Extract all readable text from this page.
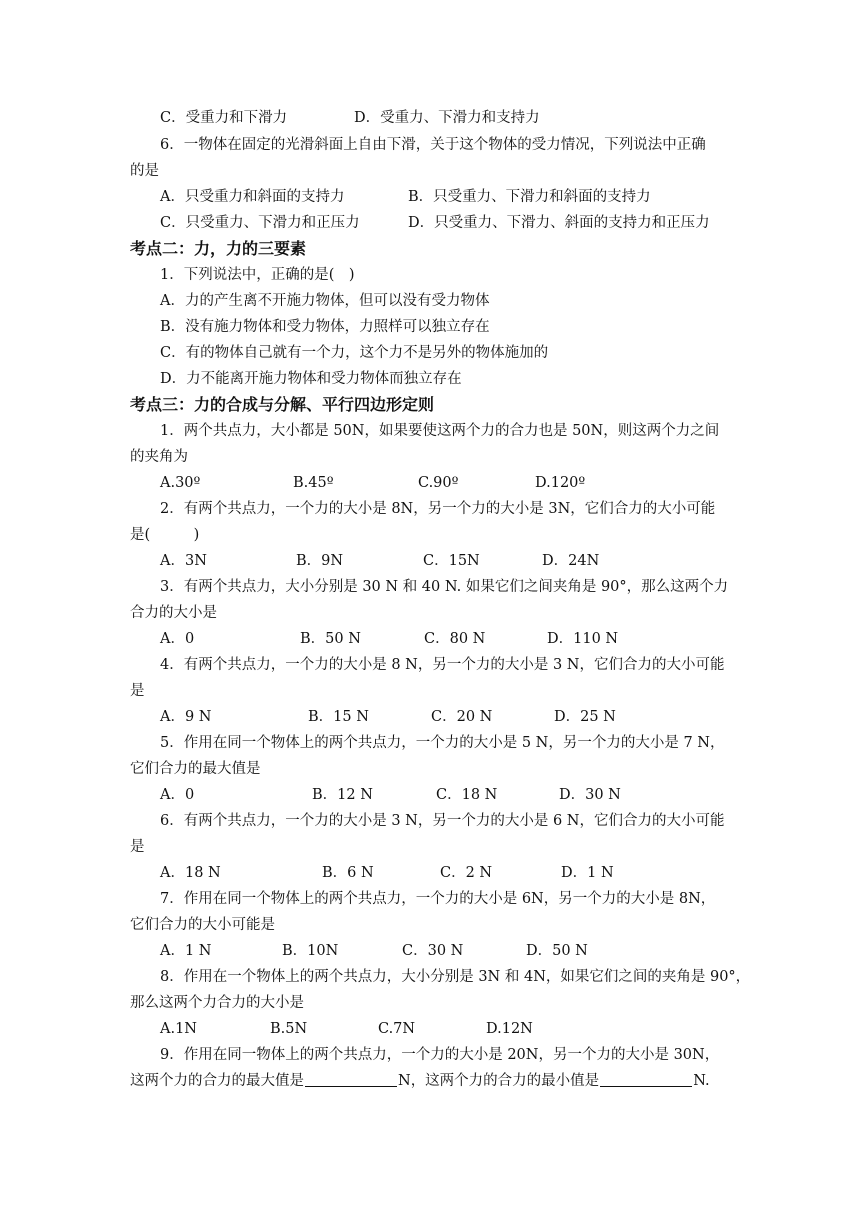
C．受重力和下滑力	D．受重力、下滑力和支持力
6．一物体在固定的光滑斜面上自由下滑，关于这个物体的受力情况，下列说法中正确
的是
A．只受重力和斜面的支持力	B．只受重力、下滑力和斜面的支持力
C．只受重力、下滑力和正压力	D．只受重力、下滑力、斜面的支持力和正压力
考点二：力，力的三要素
1．下列说法中，正确的是(　)
A．力的产生离不开施力物体，但可以没有受力物体
B．没有施力物体和受力物体，力照样可以独立存在
C．有的物体自己就有一个力，这个力不是另外的物体施加的
D．力不能离开施力物体和受力物体而独立存在
考点三：力的合成与分解、平行四边形定则
1．两个共点力，大小都是 50N，如果要使这两个力的合力也是 50N，则这两个力之间
的夹角为
A.30º	B.45º	C.90º	D.120º
2．有两个共点力，一个力的大小是 8N，另一个力的大小是 3N，它们合力的大小可能
是(　　　)
A．3N	B．9N	C．15N	D．24N
3．有两个共点力，大小分别是 30 N 和 40 N. 如果它们之间夹角是 90°，那么这两个力
合力的大小是
A．0	B．50 N	C．80 N	D．110 N
4．有两个共点力，一个力的大小是 8 N，另一个力的大小是 3 N，它们合力的大小可能
是
A．9 N	B．15 N	C．20 N	D．25 N
5．作用在同一个物体上的两个共点力，一个力的大小是 5 N，另一个力的大小是 7 N，
它们合力的最大值是
A．0	B．12 N	C．18 N	D．30 N
6．有两个共点力，一个力的大小是 3 N，另一个力的大小是 6 N，它们合力的大小可能
是
A．18 N	B．6 N	C．2 N	D．1 N
7．作用在同一个物体上的两个共点力，一个力的大小是 6N，另一个力的大小是 8N，
它们合力的大小可能是
A．1 N	B．10N	C．30 N	D．50 N
8．作用在一个物体上的两个共点力，大小分别是 3N 和 4N，如果它们之间的夹角是 90°，
那么这两个力合力的大小是
A.1N	B.5N	C.7N	D.12N
9．作用在同一物体上的两个共点力，一个力的大小是 20N，另一个力的大小是 30N，
这两个力的合力的最大值是	N，这两个力的合力的最小值是	N.
